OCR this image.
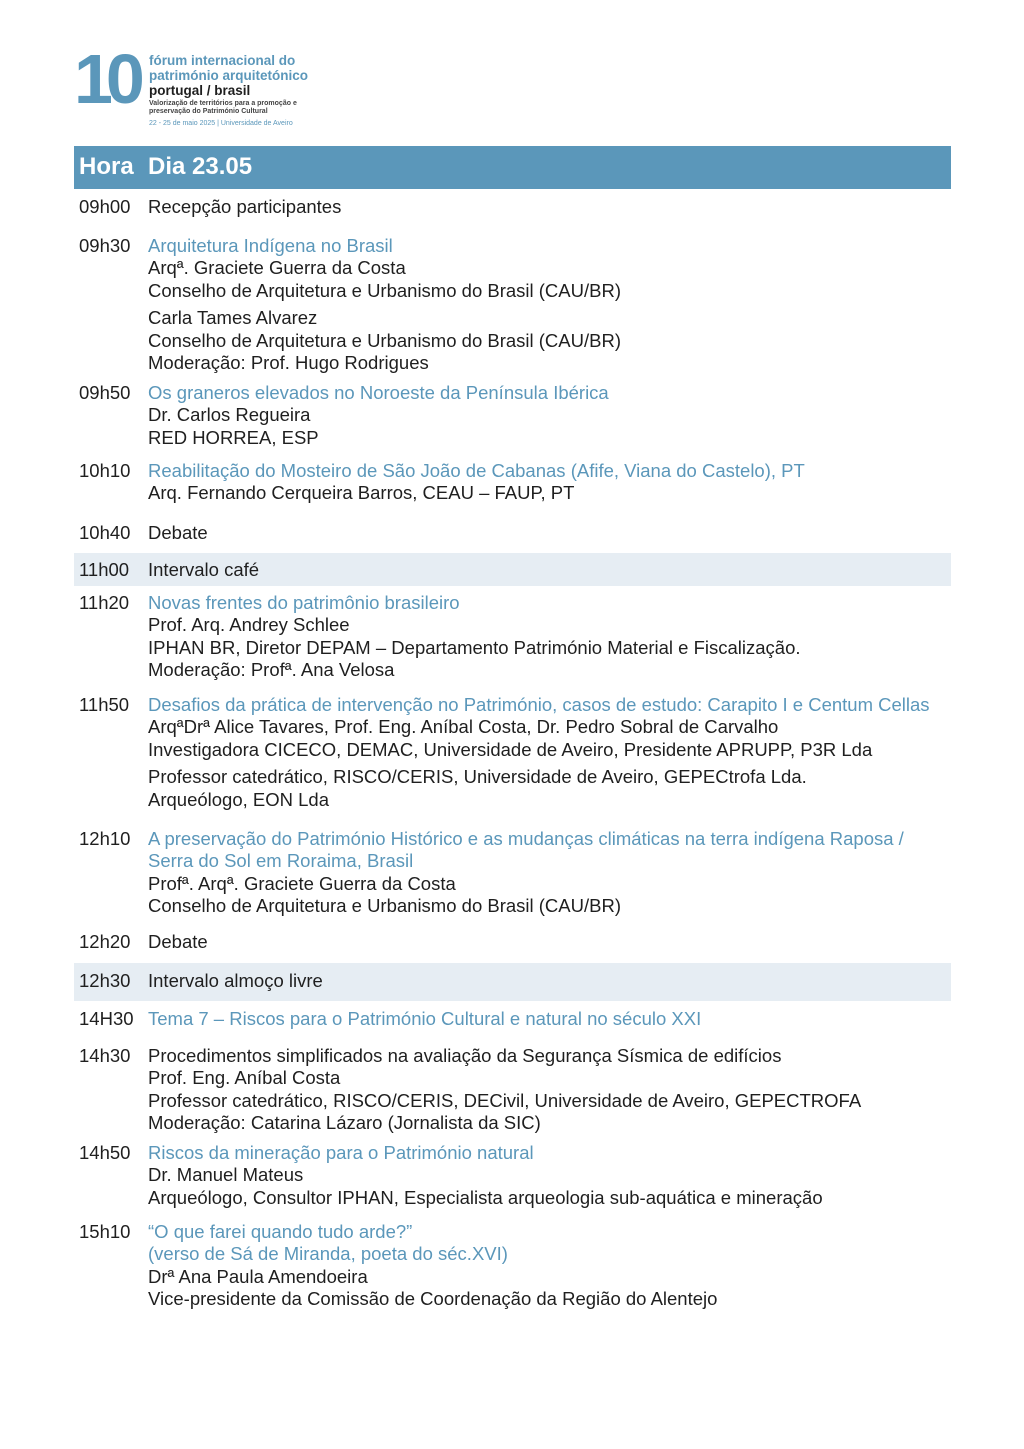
10 fórum internacional do
património arquitetónico
portugal / brasil
Valorização de territórios para a promoção e
preservação do Património Cultural
22 - 25 de maio 2025 | Universidade de Aveiro
Hora Dia 23.05
09h00 Recepção participantes
09h30 Arquitetura Indígena no Brasil
Arqª. Graciete Guerra da Costa
Conselho de Arquitetura e Urbanismo do Brasil (CAU/BR)
Carla Tames Alvarez
Conselho de Arquitetura e Urbanismo do Brasil (CAU/BR)
Moderação: Prof. Hugo Rodrigues
09h50 Os graneros elevados no Noroeste da Península Ibérica
Dr. Carlos Regueira
RED HORREA, ESP
10h10 Reabilitação do Mosteiro de São João de Cabanas (Afife, Viana do Castelo), PT
Arq. Fernando Cerqueira Barros, CEAU – FAUP, PT
10h40 Debate
11h00 Intervalo café
11h20 Novas frentes do patrimônio brasileiro
Prof. Arq. Andrey Schlee
IPHAN BR, Diretor DEPAM – Departamento Património Material e Fiscalização.
Moderação: Profª. Ana Velosa
11h50 Desafios da prática de intervenção no Património, casos de estudo: Carapito I e Centum Cellas
ArqªDrª Alice Tavares, Prof. Eng. Aníbal Costa, Dr. Pedro Sobral de Carvalho
Investigadora CICECO, DEMAC, Universidade de Aveiro, Presidente APRUPP, P3R Lda
Professor catedrático, RISCO/CERIS, Universidade de Aveiro, GEPECtrofa Lda.
Arqueólogo, EON Lda
12h10 A preservação do Património Histórico e as mudanças climáticas na terra indígena Raposa / Serra do Sol em Roraima, Brasil
Profª. Arqª. Graciete Guerra da Costa
Conselho de Arquitetura e Urbanismo do Brasil (CAU/BR)
12h20 Debate
12h30 Intervalo almoço livre
14H30 Tema 7 – Riscos para o Património Cultural e natural no século XXI
14h30 Procedimentos simplificados na avaliação da Segurança Sísmica de edifícios
Prof. Eng. Aníbal Costa
Professor catedrático, RISCO/CERIS, DECivil, Universidade de Aveiro, GEPECTROFA
Moderação: Catarina Lázaro (Jornalista da SIC)
14h50 Riscos da mineração para o Património natural
Dr. Manuel Mateus
Arqueólogo, Consultor IPHAN, Especialista arqueologia sub-aquática e mineração
15h10 “O que farei quando tudo arde?”
(verso de Sá de Miranda, poeta do séc.XVI)
Drª Ana Paula Amendoeira
Vice-presidente da Comissão de Coordenação da Região do Alentejo
